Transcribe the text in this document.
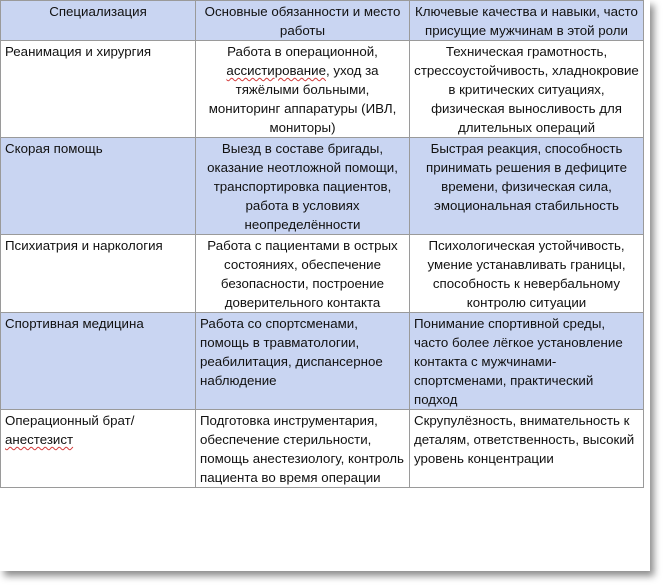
Специализация	Основные обязанности и место работы	Ключевые качества и навыки, часто присущие мужчинам в этой роли
Реанимация и хирургия	Работа в операционной, ассистирование, уход за тяжёлыми больными, мониторинг аппаратуры (ИВЛ, мониторы)	Техническая грамотность, стрессоустойчивость, хладнокровие в критических ситуациях, физическая выносливость для длительных операций
Скорая помощь	Выезд в составе бригады, оказание неотложной помощи, транспортировка пациентов, работа в условиях неопределённости	Быстрая реакция, способность принимать решения в дефиците времени, физическая сила, эмоциональная стабильность
Психиатрия и наркология	Работа с пациентами в острых состояниях, обеспечение безопасности, построение доверительного контакта	Психологическая устойчивость, умение устанавливать границы, способность к невербальному контролю ситуации
Спортивная медицина	Работа со спортсменами, помощь в травматологии, реабилитация, диспансерное наблюдение	Понимание спортивной среды, часто более лёгкое установление контакта с мужчинами-спортсменами, практический подход
Операционный брат/анестезист	Подготовка инструментария, обеспечение стерильности, помощь анестезиологу, контроль пациента во время операции	Скрупулёзность, внимательность к деталям, ответственность, высокий уровень концентрации
